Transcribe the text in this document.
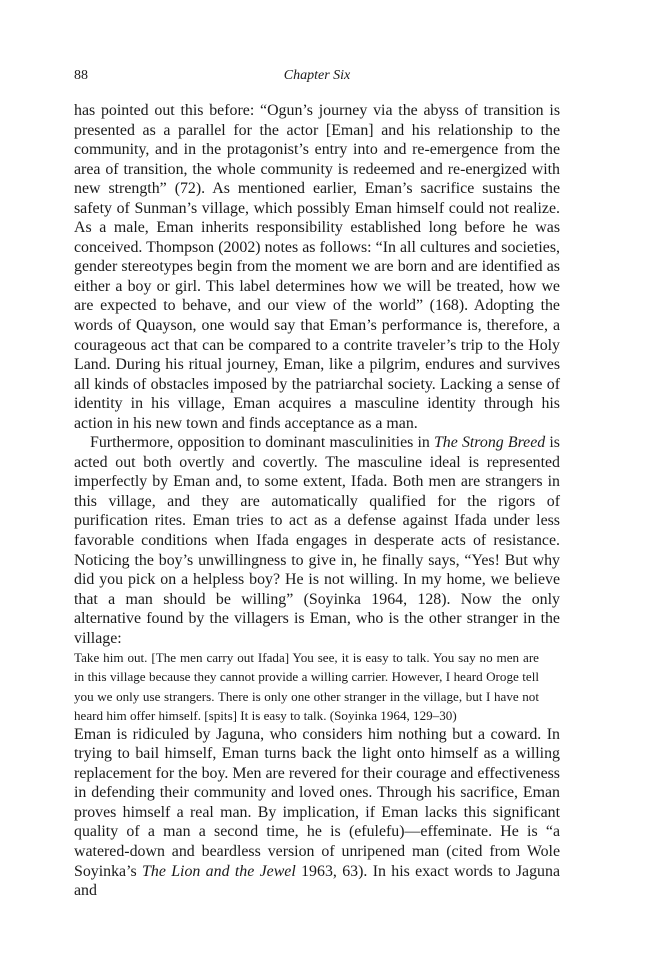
88	Chapter Six

has pointed out this before: “Ogun’s journey via the abyss of transition is presented as a parallel for the actor [Eman] and his relationship to the community, and in the protagonist’s entry into and re-emergence from the area of transition, the whole community is redeemed and re-energized with new strength” (72). As mentioned earlier, Eman’s sacrifice sustains the safety of Sunman’s village, which possibly Eman himself could not realize. As a male, Eman inherits responsibility established long before he was conceived. Thompson (2002) notes as follows: “In all cultures and societies, gender stereotypes begin from the moment we are born and are identified as either a boy or girl. This label determines how we will be treated, how we are expected to behave, and our view of the world” (168). Adopting the words of Quayson, one would say that Eman’s performance is, therefore, a courageous act that can be compared to a contrite traveler’s trip to the Holy Land. During his ritual journey, Eman, like a pilgrim, endures and survives all kinds of obstacles imposed by the patriarchal society. Lacking a sense of identity in his village, Eman acquires a masculine identity through his action in his new town and finds acceptance as a man.

Furthermore, opposition to dominant masculinities in The Strong Breed is acted out both overtly and covertly. The masculine ideal is represented imperfectly by Eman and, to some extent, Ifada. Both men are strangers in this village, and they are automatically qualified for the rigors of purification rites. Eman tries to act as a defense against Ifada under less favorable conditions when Ifada engages in desperate acts of resistance. Noticing the boy’s unwillingness to give in, he finally says, “Yes! But why did you pick on a helpless boy? He is not willing. In my home, we believe that a man should be willing” (Soyinka 1964, 128). Now the only alternative found by the villagers is Eman, who is the other stranger in the village:

Take him out. [The men carry out Ifada] You see, it is easy to talk. You say no men are in this village because they cannot provide a willing carrier. However, I heard Oroge tell you we only use strangers. There is only one other stranger in the village, but I have not heard him offer himself. [spits] It is easy to talk. (Soyinka 1964, 129–30)

Eman is ridiculed by Jaguna, who considers him nothing but a coward. In trying to bail himself, Eman turns back the light onto himself as a willing replacement for the boy. Men are revered for their courage and effectiveness in defending their community and loved ones. Through his sacrifice, Eman proves himself a real man. By implication, if Eman lacks this significant quality of a man a second time, he is (efulefu)—effeminate. He is “a watered-down and beardless version of unripened man (cited from Wole Soyinka’s The Lion and the Jewel 1963, 63). In his exact words to Jaguna and
